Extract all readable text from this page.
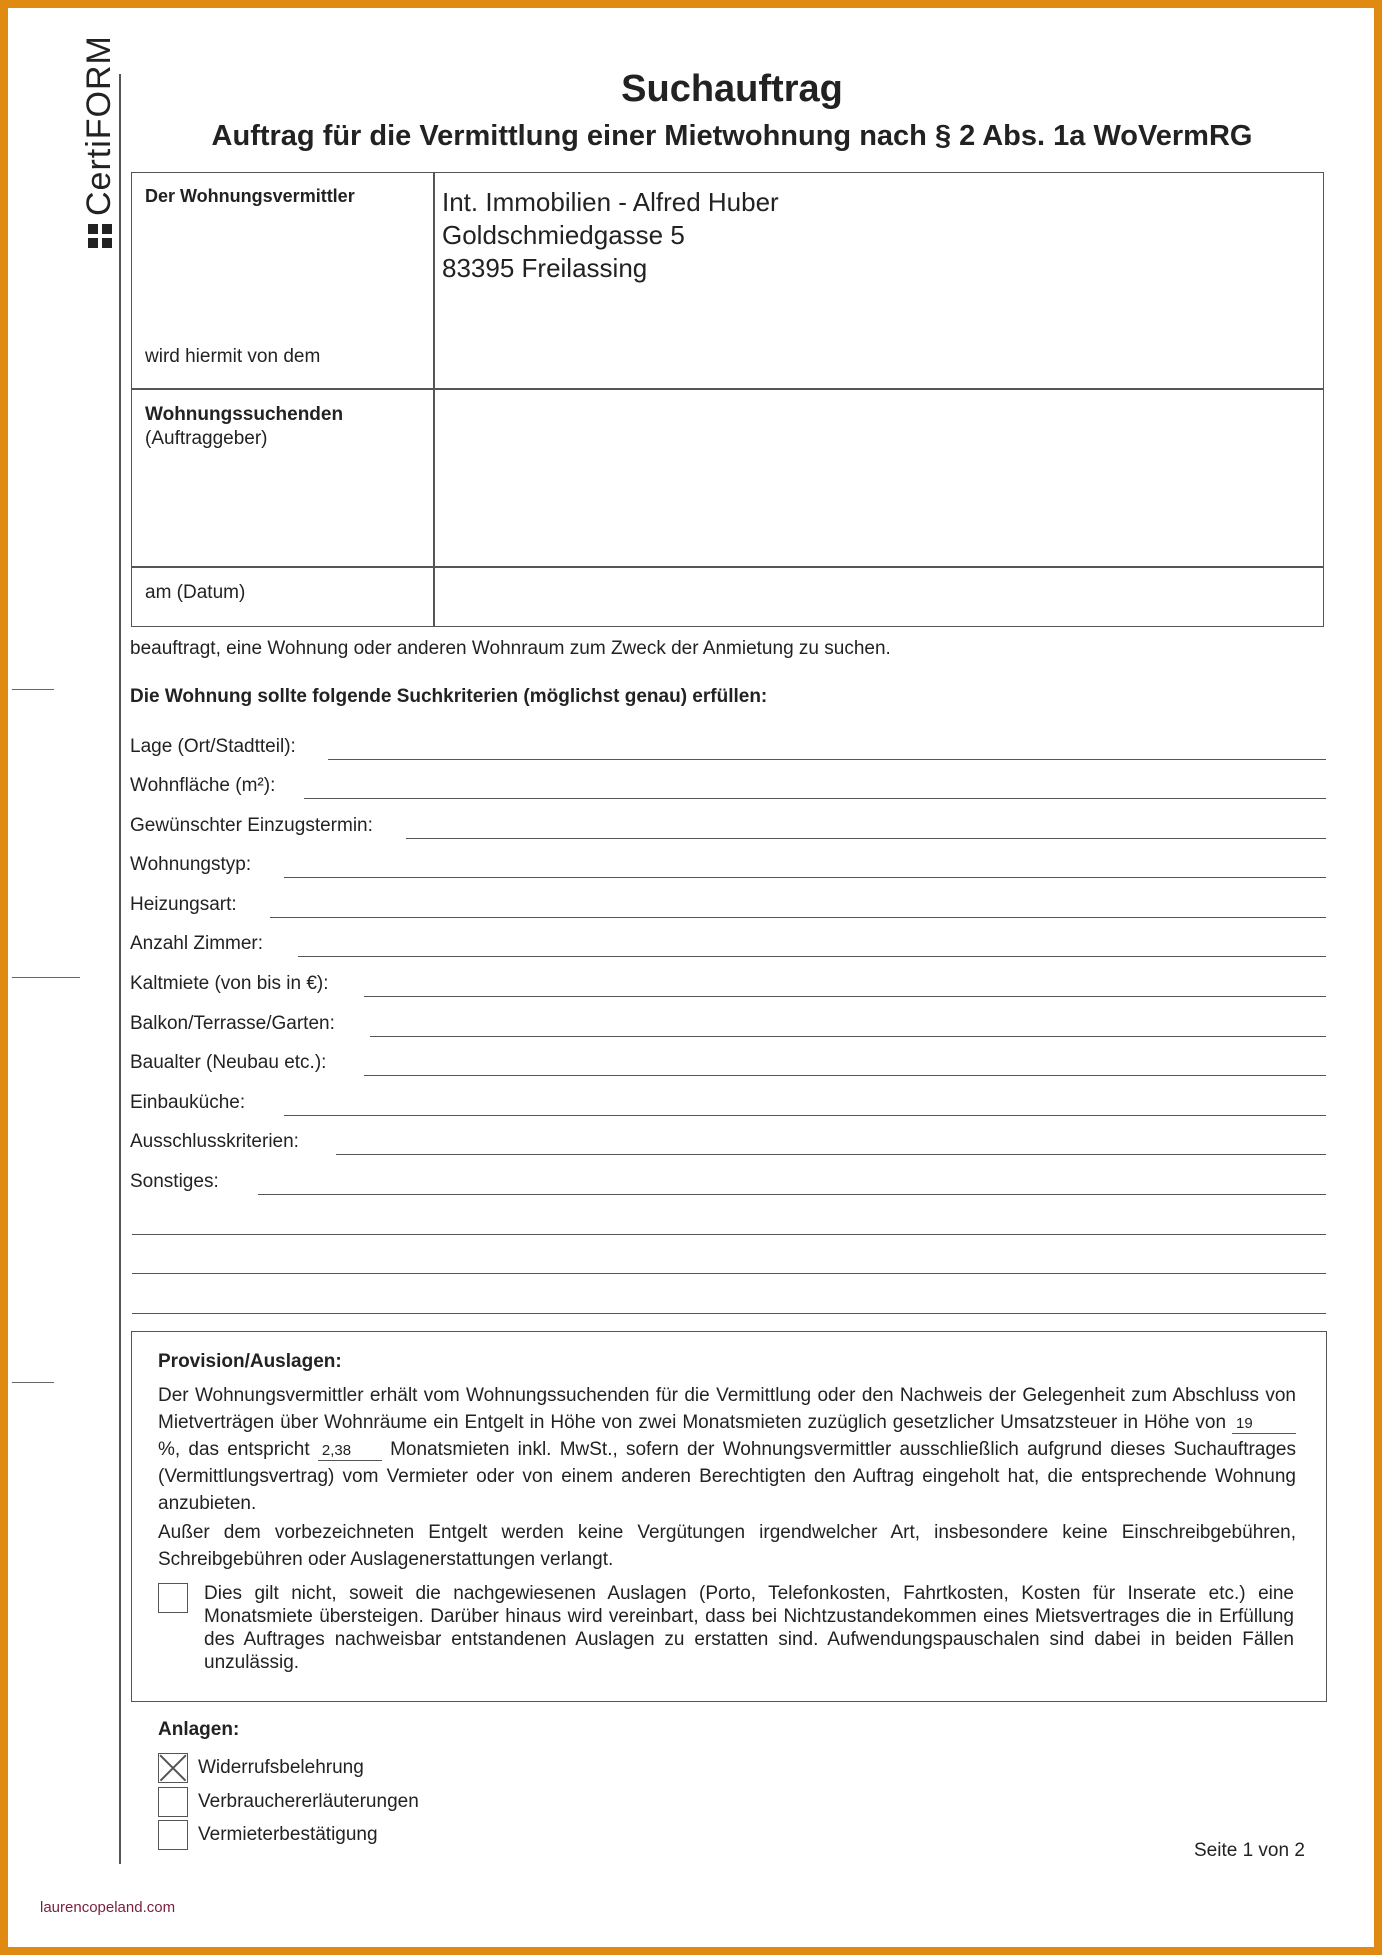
CertiFORM	Suchauftrag
Auftrag für die Vermittlung einer Mietwohnung nach § 2 Abs. 1a WoVermRG
Der Wohnungsvermittler
wird hiermit von dem
Int. Immobilien - Alfred Huber
Goldschmiedgasse 5
83395 Freilassing
Wohnungssuchenden
(Auftraggeber)
am (Datum)
beauftragt, eine Wohnung oder anderen Wohnraum zum Zweck der Anmietung zu suchen.
Die Wohnung sollte folgende Suchkriterien (möglichst genau) erfüllen:
Lage (Ort/Stadtteil):
Wohnfläche (m²):
Gewünschter Einzugstermin:
Wohnungstyp:
Heizungsart:
Anzahl Zimmer:
Kaltmiete (von bis in €):
Balkon/Terrasse/Garten:
Baualter (Neubau etc.):
Einbauküche:
Ausschlusskriterien:
Sonstiges:
Provision/Auslagen:
Der Wohnungsvermittler erhält vom Wohnungssuchenden für die Vermittlung oder den Nachweis der Gelegenheit zum Abschluss von Mietverträgen über Wohnräume ein Entgelt in Höhe von zwei Monatsmieten zuzüglich gesetzlicher Umsatzsteuer in Höhe von 19 %, das entspricht 2,38 Monatsmieten inkl. MwSt., sofern der Wohnungsvermittler ausschließlich aufgrund dieses Suchauftrages (Vermittlungsvertrag) vom Vermieter oder von einem anderen Berechtigten den Auftrag eingeholt hat, die entsprechende Wohnung anzubieten.
Außer dem vorbezeichneten Entgelt werden keine Vergütungen irgendwelcher Art, insbesondere keine Einschreibgebühren, Schreibgebühren oder Auslagenerstattungen verlangt.
Dies gilt nicht, soweit die nachgewiesenen Auslagen (Porto, Telefonkosten, Fahrtkosten, Kosten für Inserate etc.) eine Monatsmiete übersteigen. Darüber hinaus wird vereinbart, dass bei Nichtzustandekommen eines Mietsvertrages die in Erfüllung des Auftrages nachweisbar entstandenen Auslagen zu erstatten sind. Aufwendungspauschalen sind dabei in beiden Fällen unzulässig.
Anlagen:
Widerrufsbelehrung
Verbrauchererläuterungen
Vermieterbestätigung
Seite 1 von 2
laurencopeland.com
